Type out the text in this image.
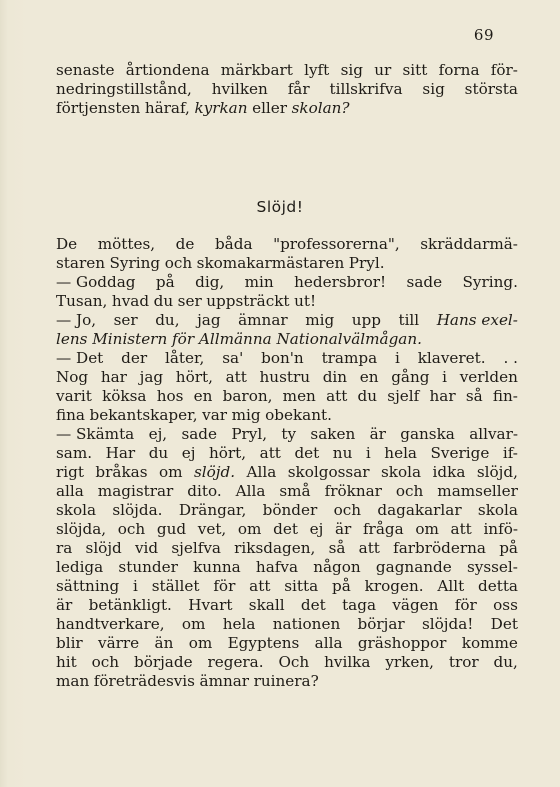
69
senaste årtiondena märkbart lyft sig ur sitt forna för-
nedringstillstånd, hvilken får tillskrifva sig största
förtjensten häraf, kyrkan eller skolan?
Slöjd!
De möttes, de båda "professorerna", skräddarmä-
staren Syring och skomakarmästaren Pryl.
— Goddag på dig, min hedersbror! sade Syring.
Tusan, hvad du ser uppsträckt ut!
— Jo, ser du, jag ämnar mig upp till Hans exel-
lens Ministern för Allmänna Nationalvälmågan.
— Det der låter, sa' bon'n trampa i klaveret. . .
Nog har jag hört, att hustru din en gång i verlden
varit köksa hos en baron, men att du sjelf har så fin-
fina bekantskaper, var mig obekant.
— Skämta ej, sade Pryl, ty saken är ganska allvar-
sam. Har du ej hört, att det nu i hela Sverige if-
rigt bråkas om slöjd. Alla skolgossar skola idka slöjd,
alla magistrar dito. Alla små fröknar och mamseller
skola slöjda. Drängar, bönder och dagakarlar skola
slöjda, och gud vet, om det ej är fråga om att infö-
ra slöjd vid sjelfva riksdagen, så att farbröderna på
lediga stunder kunna hafva någon gagnande syssel-
sättning i stället för att sitta på krogen. Allt detta
är betänkligt. Hvart skall det taga vägen för oss
handtverkare, om hela nationen börjar slöjda! Det
blir värre än om Egyptens alla gräshoppor komme
hit och började regera. Och hvilka yrken, tror du,
man företrädesvis ämnar ruinera?
